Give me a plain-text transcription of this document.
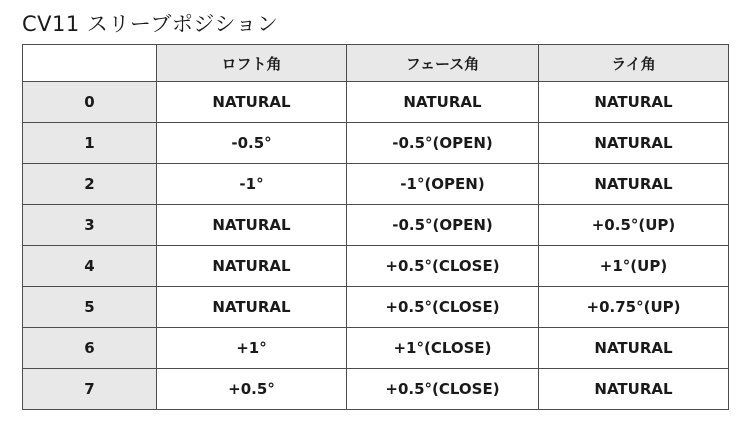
CV11 スリーブポジション
	ロフト角	フェース角	ライ角
0	NATURAL	NATURAL	NATURAL
1	-0.5°	-0.5°(OPEN)	NATURAL
2	-1°	-1°(OPEN)	NATURAL
3	NATURAL	-0.5°(OPEN)	+0.5°(UP)
4	NATURAL	+0.5°(CLOSE)	+1°(UP)
5	NATURAL	+0.5°(CLOSE)	+0.75°(UP)
6	+1°	+1°(CLOSE)	NATURAL
7	+0.5°	+0.5°(CLOSE)	NATURAL
